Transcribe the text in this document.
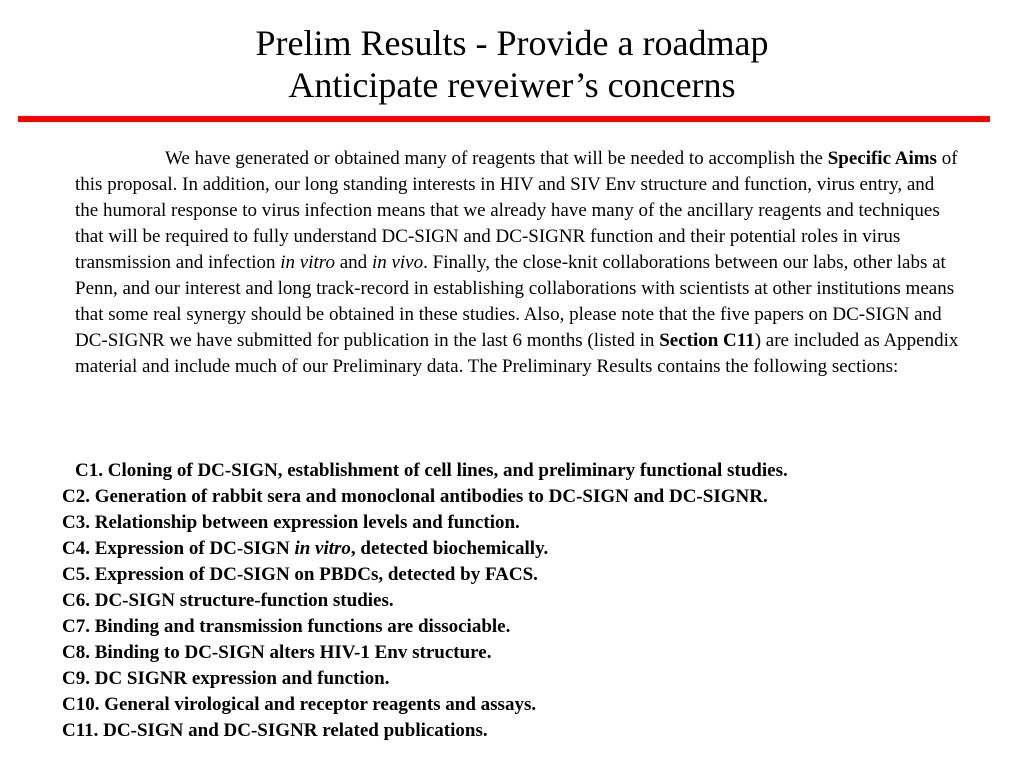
Prelim Results - Provide a roadmap
Anticipate reveiwer’s concerns

We have generated or obtained many of reagents that will be needed to accomplish the Specific Aims of this proposal. In addition, our long standing interests in HIV and SIV Env structure and function, virus entry, and the humoral response to virus infection means that we already have many of the ancillary reagents and techniques that will be required to fully understand DC-SIGN and DC-SIGNR function and their potential roles in virus transmission and infection in vitro and in vivo. Finally, the close-knit collaborations between our labs, other labs at Penn, and our interest and long track-record in establishing collaborations with scientists at other institutions means that some real synergy should be obtained in these studies. Also, please note that the five papers on DC-SIGN and DC-SIGNR we have submitted for publication in the last 6 months (listed in Section C11) are included as Appendix material and include much of our Preliminary data. The Preliminary Results contains the following sections:

C1. Cloning of DC-SIGN, establishment of cell lines, and preliminary functional studies.
C2. Generation of rabbit sera and monoclonal antibodies to DC-SIGN and DC-SIGNR.
C3. Relationship between expression levels and function.
C4. Expression of DC-SIGN in vitro, detected biochemically.
C5. Expression of DC-SIGN on PBDCs, detected by FACS.
C6. DC-SIGN structure-function studies.
C7. Binding and transmission functions are dissociable.
C8. Binding to DC-SIGN alters HIV-1 Env structure.
C9. DC SIGNR expression and function.
C10. General virological and receptor reagents and assays.
C11. DC-SIGN and DC-SIGNR related publications.
